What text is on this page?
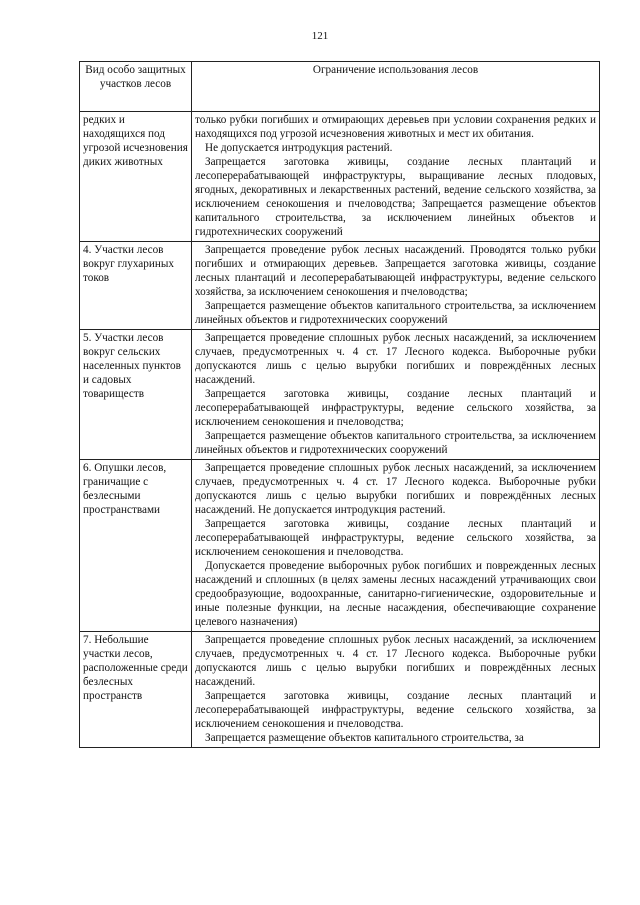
121
Вид особо защитных участков лесов	Ограничение использования лесов
редких и находящихся под угрозой исчезновения диких животных	только рубки погибших и отмирающих деревьев при условии сохранения редких и находящихся под угрозой исчезновения животных и мест их обитания.

Не допускается интродукция растений.

Запрещается заготовка живицы, создание лесных плантаций и лесоперерабатывающей инфраструктуры, выращивание лесных плодовых, ягодных, декоративных и лекарственных растений, ведение сельского хозяйства, за исключением сенокошения и пчеловодства; Запрещается размещение объектов капитального строительства, за исключением линейных объектов и гидротехнических сооружений

4. Участки лесов вокруг глухариных токов	Запрещается проведение рубок лесных насаждений. Проводятся только рубки погибших и отмирающих деревьев. Запрещается заготовка живицы, создание лесных плантаций и лесоперерабатывающей инфраструктуры, ведение сельского хозяйства, за исключением сенокошения и пчеловодства;

Запрещается размещение объектов капитального строительства, за исключением линейных объектов и гидротехнических сооружений

5. Участки лесов вокруг сельских населенных пунктов и садовых товариществ	Запрещается проведение сплошных рубок лесных насаждений, за исключением случаев, предусмотренных ч. 4 ст. 17 Лесного кодекса. Выборочные рубки допускаются лишь с целью вырубки погибших и повреждённых лесных насаждений.

Запрещается заготовка живицы, создание лесных плантаций и лесоперерабатывающей инфраструктуры, ведение сельского хозяйства, за исключением сенокошения и пчеловодства;

Запрещается размещение объектов капитального строительства, за исключением линейных объектов и гидротехнических сооружений

6. Опушки лесов, граничащие с безлесными пространствами	Запрещается проведение сплошных рубок лесных насаждений, за исключением случаев, предусмотренных ч. 4 ст. 17 Лесного кодекса. Выборочные рубки допускаются лишь с целью вырубки погибших и повреждённых лесных насаждений. Не допускается интродукция растений.

Запрещается заготовка живицы, создание лесных плантаций и лесоперерабатывающей инфраструктуры, ведение сельского хозяйства, за исключением сенокошения и пчеловодства.

Допускается проведение выборочных рубок погибших и поврежденных лесных насаждений и сплошных (в целях замены лесных насаждений утрачивающих свои средообразующие, водоохранные, санитарно-гигиенические, оздоровительные и иные полезные функции, на лесные насаждения, обеспечивающие сохранение целевого назначения)

7. Небольшие участки лесов, расположенные среди безлесных пространств	Запрещается проведение сплошных рубок лесных насаждений, за исключением случаев, предусмотренных ч. 4 ст. 17 Лесного кодекса. Выборочные рубки допускаются лишь с целью вырубки погибших и повреждённых лесных насаждений.

Запрещается заготовка живицы, создание лесных плантаций и лесоперерабатывающей инфраструктуры, ведение сельского хозяйства, за исключением сенокошения и пчеловодства.

Запрещается размещение объектов капитального строительства, за
